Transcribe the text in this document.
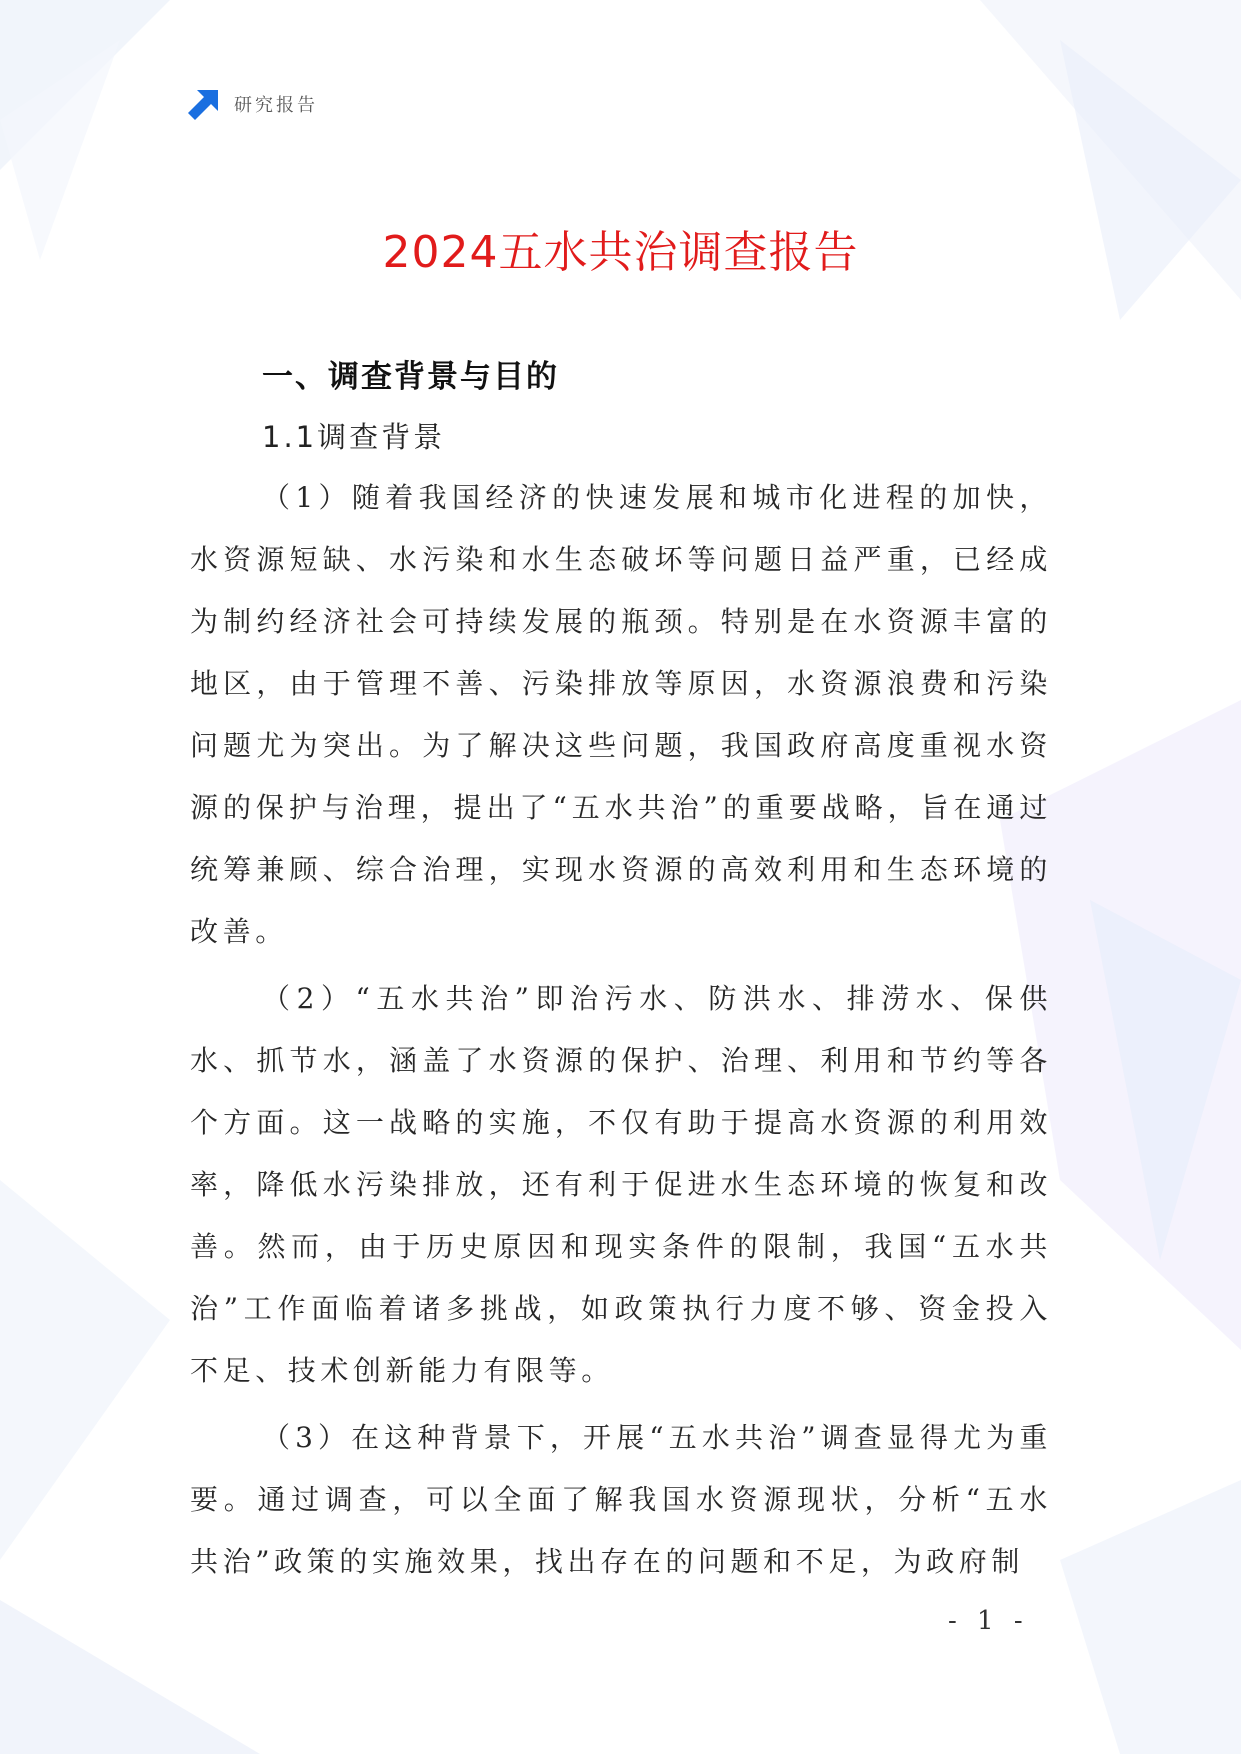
研究报告
2024五水共治调查报告
一、调查背景与目的
1.1调查背景

（1）随着我国经济的快速发展和城市化进程的加快，水资源短缺、水污染和水生态破坏等问题日益严重，已经成为制约经济社会可持续发展的瓶颈。特别是在水资源丰富的地区，由于管理不善、污染排放等原因，水资源浪费和污染问题尤为突出。为了解决这些问题，我国政府高度重视水资源的保护与治理，提出了“五水共治”的重要战略，旨在通过统筹兼顾、综合治理，实现水资源的高效利用和生态环境的改善。

（2）“五水共治”即治污水、防洪水、排涝水、保供水、抓节水，涵盖了水资源的保护、治理、利用和节约等各个方面。这一战略的实施，不仅有助于提高水资源的利用效率，降低水污染排放，还有利于促进水生态环境的恢复和改善。然而，由于历史原因和现实条件的限制，我国“五水共治”工作面临着诸多挑战，如政策执行力度不够、资金投入不足、技术创新能力有限等。

（3）在这种背景下，开展“五水共治”调查显得尤为重要。通过调查，可以全面了解我国水资源现状，分析“五水共治”政策的实施效果，找出存在的问题和不足，为政府制

- 1 -
